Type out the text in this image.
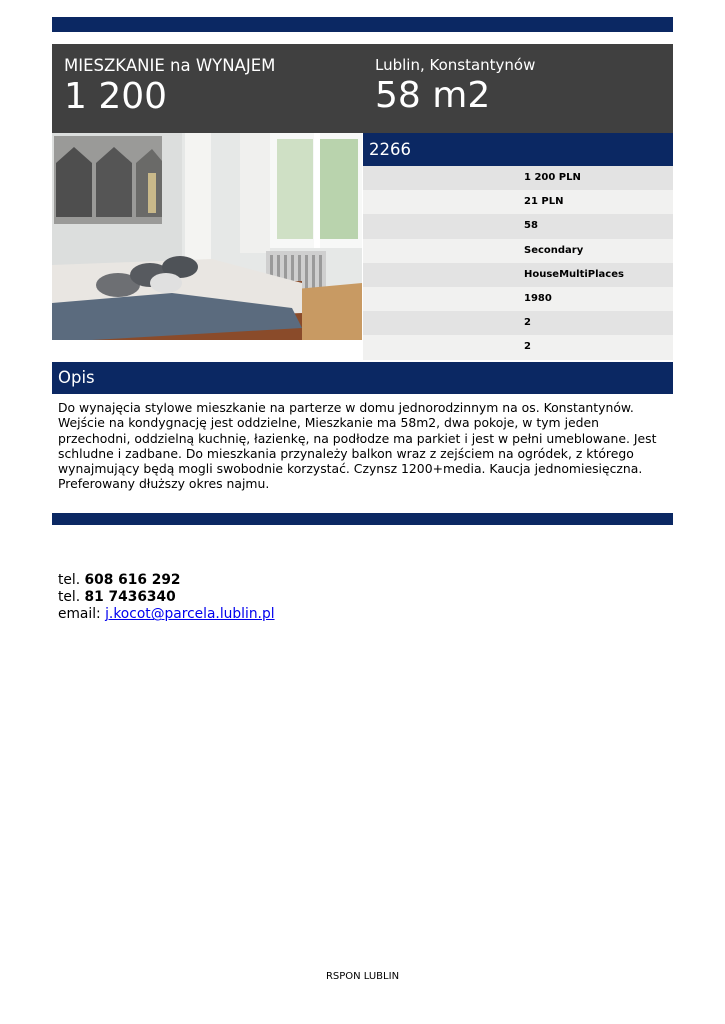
MIESZKANIE na WYNAJEM
1 200
Lublin, Konstantynów
58 m2
2266
1 200 PLN
21 PLN
58
Secondary
HouseMultiPlaces
1980
2
2
Opis
Do wynajęcia stylowe mieszkanie na parterze w domu jednorodzinnym na os. Konstantynów. Wejście na kondygnację jest oddzielne, Mieszkanie ma 58m2, dwa pokoje, w tym jeden przechodni, oddzielną kuchnię, łazienkę, na podłodze ma parkiet i jest w pełni umeblowane. Jest schludne i zadbane. Do mieszkania przynależy balkon wraz z zejściem na ogródek, z którego wynajmujący będą mogli swobodnie korzystać. Czynsz 1200+media. Kaucja jednomiesięczna. Preferowany dłuższy okres najmu.
tel. 608 616 292
tel. 81 7436340
email: j.kocot@parcela.lublin.pl
RSPON LUBLIN
